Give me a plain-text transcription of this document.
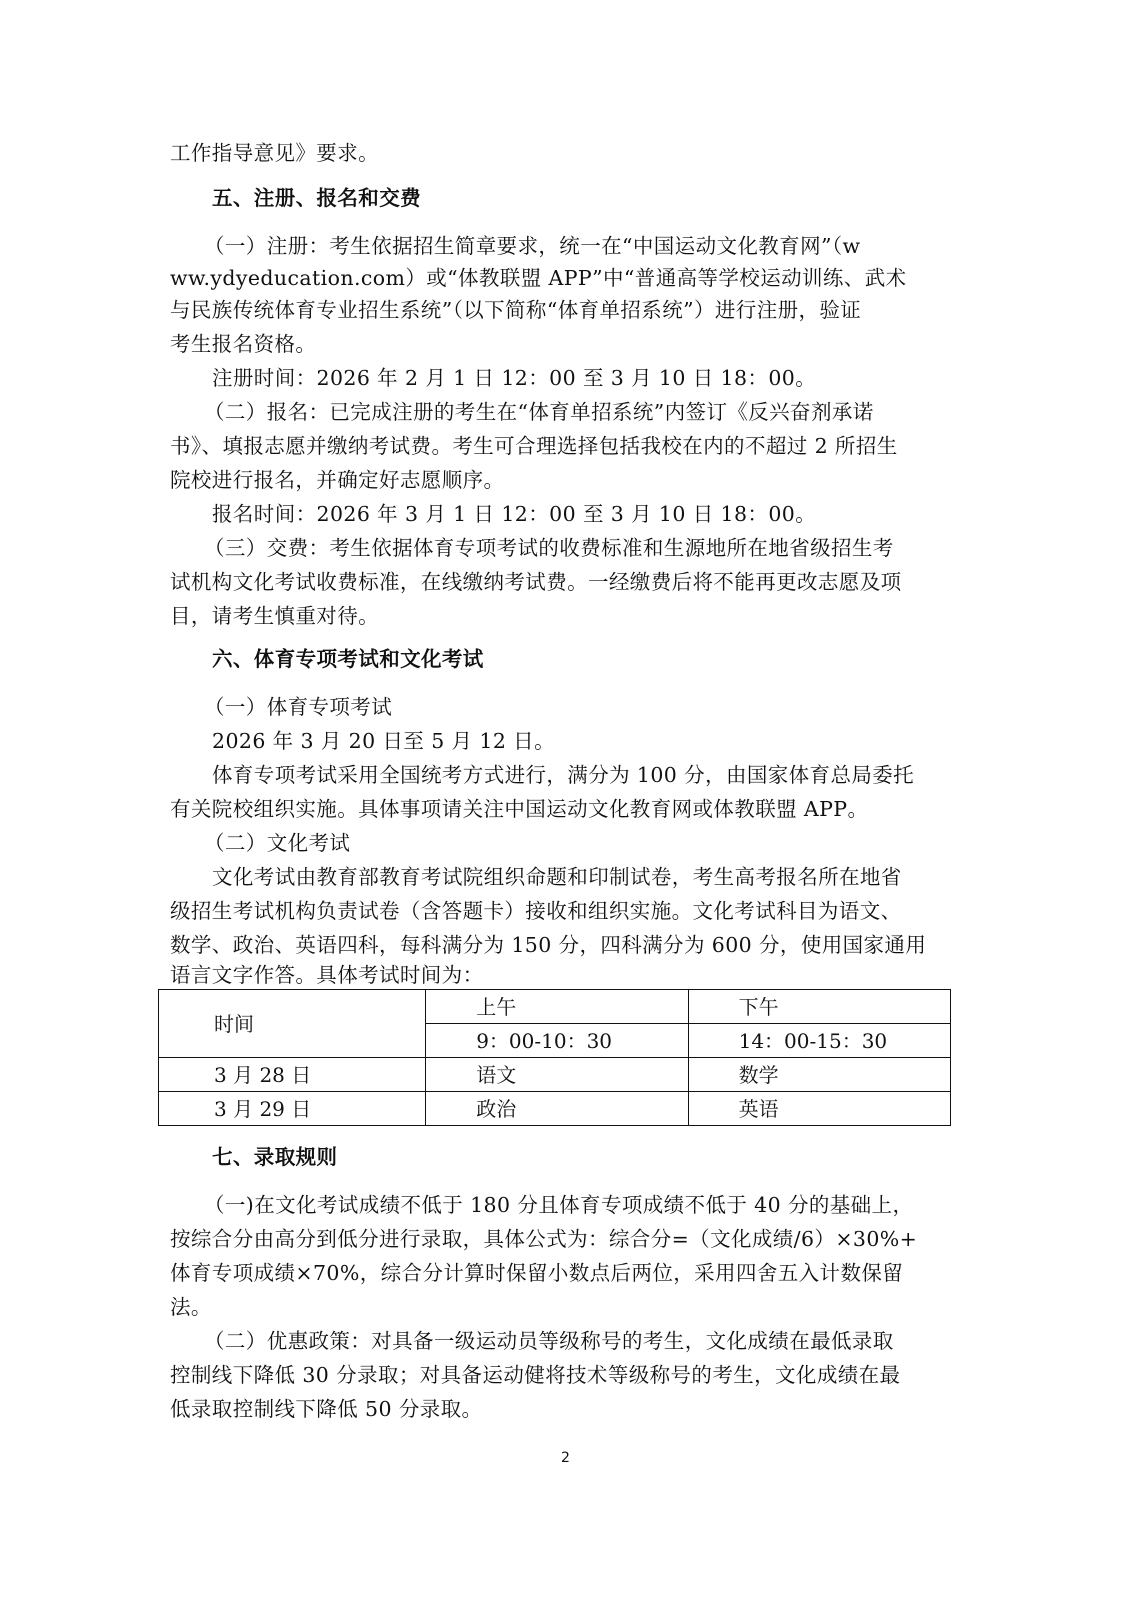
工作指导意见》要求。
五、注册、报名和交费
（一）注册：考生依据招生简章要求，统一在“中国运动文化教育网”（w
ww.ydyeducation.com）或“体教联盟 APP”中“普通高等学校运动训练、武术
与民族传统体育专业招生系统”（以下简称“体育单招系统”）进行注册，验证
考生报名资格。
注册时间：2026 年 2 月 1 日 12：00 至 3 月 10 日 18：00。
（二）报名：已完成注册的考生在“体育单招系统”内签订《反兴奋剂承诺
书》、填报志愿并缴纳考试费。考生可合理选择包括我校在内的不超过 2 所招生
院校进行报名，并确定好志愿顺序。
报名时间：2026 年 3 月 1 日 12：00 至 3 月 10 日 18：00。
（三）交费：考生依据体育专项考试的收费标准和生源地所在地省级招生考
试机构文化考试收费标准，在线缴纳考试费。一经缴费后将不能再更改志愿及项
目，请考生慎重对待。
六、体育专项考试和文化考试
（一）体育专项考试
2026 年 3 月 20 日至 5 月 12 日。
体育专项考试采用全国统考方式进行，满分为 100 分，由国家体育总局委托
有关院校组织实施。具体事项请关注中国运动文化教育网或体教联盟 APP。
（二）文化考试
文化考试由教育部教育考试院组织命题和印制试卷，考生高考报名所在地省
级招生考试机构负责试卷（含答题卡）接收和组织实施。文化考试科目为语文、
数学、政治、英语四科，每科满分为 150 分，四科满分为 600 分，使用国家通用
语言文字作答。具体考试时间为：
时间	上午	下午
	9：00-10：30	14：00-15：30
3 月 28 日	语文	数学
3 月 29 日	政治	英语
七、录取规则
（一)在文化考试成绩不低于 180 分且体育专项成绩不低于 40 分的基础上，
按综合分由高分到低分进行录取，具体公式为：综合分=（文化成绩/6）×30%+
体育专项成绩×70%，综合分计算时保留小数点后两位，采用四舍五入计数保留
法。
（二）优惠政策：对具备一级运动员等级称号的考生，文化成绩在最低录取
控制线下降低 30 分录取；对具备运动健将技术等级称号的考生，文化成绩在最
低录取控制线下降低 50 分录取。
2
